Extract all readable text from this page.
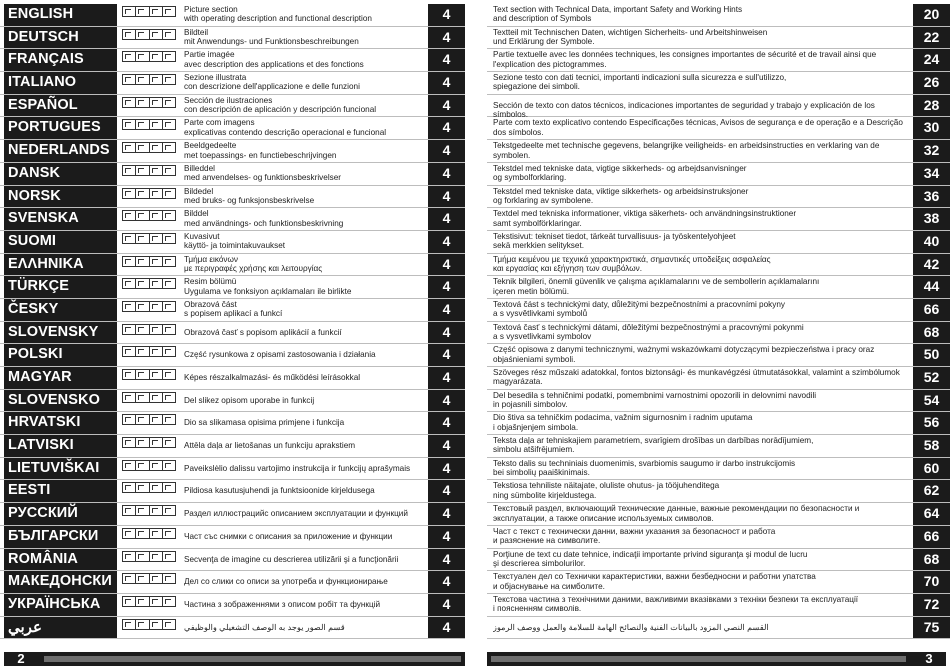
ENGLISH	Picture section
with operating description and functional description	4
DEUTSCH	Bildteil
mit Anwendungs- und Funktionsbeschreibungen	4
FRANÇAIS	Partie imagée
avec description des applications et des fonctions	4
ITALIANO	Sezione illustrata
con descrizione dell'applicazione e delle funzioni	4
ESPAÑOL	Sección de ilustraciones
con descripción de aplicación y descripción funcional	4
PORTUGUES	Parte com imagens
explicativas contendo descrição operacional e funcional	4
NEDERLANDS	Beeldgedeelte
met toepassings- en functiebeschrijvingen	4
DANSK	Billeddel
med anvendelses- og funktionsbeskrivelser	4
NORSK	Bildedel
med bruks- og funksjonsbeskrivelse	4
SVENSKA	Bilddel
med användnings- och funktionsbeskrivning	4
SUOMI	Kuvasivut
käyttö- ja toimintakuvaukset	4
ΕΛΛΗΝΙΚΑ	Τμήμα εικόνων
με περιγραφές χρήσης και λειτουργίας	4
TÜRKÇE	Resim bölümü
Uygulama ve fonksiyon açıklamaları ile birlikte	4
ČESKY	Obrazová část
s popisem aplikací a funkcí	4
SLOVENSKY	Obrazová časť s popisom aplikácií a funkcií	4
POLSKI	Część rysunkowa z opisami zastosowania i działania	4
MAGYAR	Képes részalkalmazási- és működési leírásokkal	4
SLOVENSKO	Del slikez opisom uporabe in funkcij	4
HRVATSKI	Dio sa slikamasa opisima primjene i funkcija	4
LATVISKI	Attēla daļa ar lietošanas un funkciju aprakstiem	4
LIETUVIŠKAI	Paveikslėlio dalissu vartojimo instrukcija ir funkcijų aprašymais	4
EESTI	Pildiosa kasutusjuhendi ja funktsioonide kirjeldusega	4
РУССКИЙ	Раздел иллюстрацийс описанием эксплуатации и функций	4
БЪЛГАРСКИ	Част със снимки с описания за приложение и функции	4
ROMÂNIA	Secvenţa de imagine cu descrierea utilizării şi a funcţionării	4
МАКЕДОНСКИ	Дел со слики со описи за употреба и функционирање	4
УКРАЇНСЬКА	Частина з зображеннями з описом робіт та функцій	4
عربي	قسم الصور يوجد به الوصف التشغيلي والوظيفي	4
Text section with Technical Data, important Safety and Working Hints
and description of Symbols	20
Textteil mit Technischen Daten, wichtigen Sicherheits- und Arbeitshinweisen
und Erklärung der Symbole.	22
Partie textuelle avec les données techniques, les consignes importantes de sécurité et de travail ainsi que
l'explication des pictogrammes.	24
Sezione testo con dati tecnici, importanti indicazioni sulla sicurezza e sull'utilizzo,
spiegazione dei simboli.	26
Sección de texto con datos técnicos, indicaciones importantes de seguridad y trabajo y explicación de los símbolos.
28
Parte com texto explicativo contendo Especificações técnicas, Avisos de segurança e de operação e a Descrição
dos símbolos.	30
Tekstgedeelte met technische gegevens, belangrijke veiligheids- en arbeidsinstructies en verklaring van de
symbolen.	32
Tekstdel med tekniske data, vigtige sikkerheds- og arbejdsanvisninger
og symbolforklaring.	34
Tekstdel med tekniske data, viktige sikkerhets- og arbeidsinstruksjoner
og forklaring av symbolene.	36
Textdel med tekniska informationer, viktiga säkerhets- och användningsinstruktioner
samt symbolförklaringar.	38
Tekstisivut: tekniset tiedot, tärkeät turvallisuus- ja työskentelyohjeet
sekä merkkien selitykset.	40
Τμήμα κειμένου με τεχνικά χαρακτηριστικά, σημαντικές υποδείξεις ασφαλείας
και εργασίας και εξήγηση των συμβόλων.	42
Teknik bilgileri, önemli güvenlik ve çalışma açıklamalarını ve de sembollerin açıklamalarını
içeren metin bölümü.	44
Textová část s technickými daty, důležitými bezpečnostními a pracovními pokyny
a s vysvětlivkami symbolů	66
Textová časť s technickými dátami, dôležitými bezpečnostnými a pracovnými pokynmi
a s vysvetlivkami symbolov	68
Część opisowa z danymi technicznymi, ważnymi wskazówkami dotyczącymi bezpieczeństwa i pracy oraz
objaśnieniami symboli.	50
Szöveges rész műszaki adatokkal, fontos biztonsági- és munkavégzési útmutatásokkal, valamint a szimbólumok
magyarázata.	52
Del besedila s tehničnimi podatki, pomembnimi varnostnimi opozorili in delovnimi navodili
in pojasnili simbolov.	54
Dio štiva sa tehničkim podacima, važnim sigurnosnim i radnim uputama
i objašnjenjem simbola.	56
Teksta daļa ar tehniskajiem parametriem, svarīgiem drošības un darbības norādījumiem,
simbolu atšifrējumiem.	58
Teksto dalis su techniniais duomenimis, svarbiomis saugumo ir darbo instrukcijomis
bei simbolių paaiškinimais.	60
Tekstiosa tehniliste näitajate, oluliste ohutus- ja tööjuhenditega
ning sümbolite kirjeldustega.	62
Текстовый раздел, включающий технические данные, важные рекомендации по безопасности и
эксплуатации, а также описание используемых символов.	64
Част с текст с технически данни, важни указания за безопасност и работа
и разяснение на символите.	66
Porţiune de text cu date tehnice, indicaţii importante privind siguranţa şi modul de lucru
şi descrierea simbolurilor.	68
Текстуален дел со Технички карактеристики, важни безбедносни и работни упатства
и објаснување на симболите.	70
Текстова частина з технічними даними, важливими вказівками з техніки безпеки та експлуатації
і поясненням символів.	72
القسم النصي المزود بالبيانات الفنية والنصائح الهامة للسلامة والعمل ووصف الرموز	75
2	3
